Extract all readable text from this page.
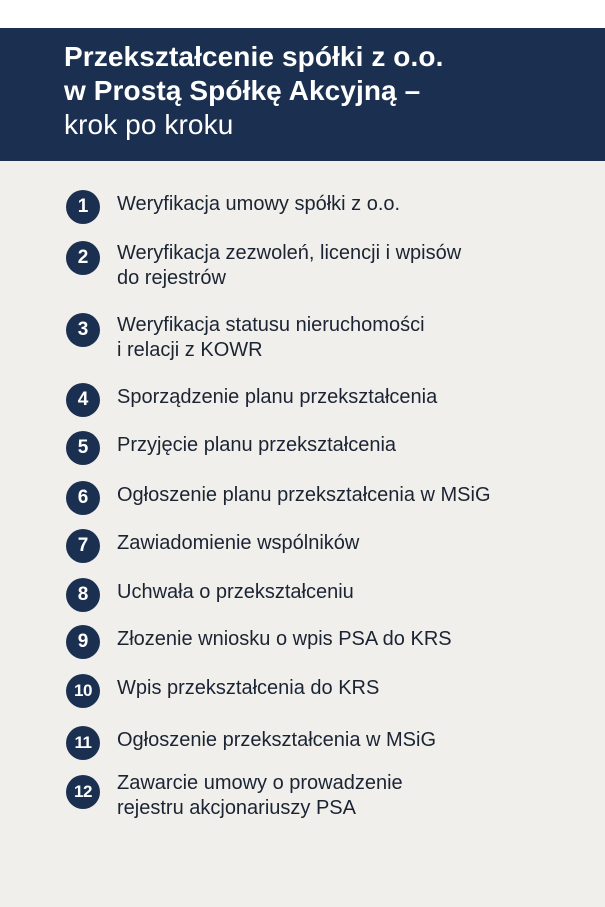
Przekształcenie spółki z o.o.
w Prostą Spółkę Akcyjną –
krok po kroku
1	Weryfikacja umowy spółki z o.o.
2	Weryfikacja zezwoleń, licencji i wpisów
do rejestrów
3	Weryfikacja statusu nieruchomości
i relacji z KOWR
4	Sporządzenie planu przekształcenia
5	Przyjęcie planu przekształcenia
6	Ogłoszenie planu przekształcenia w MSiG
7	Zawiadomienie wspólników
8	Uchwała o przekształceniu
9	Złozenie wniosku o wpis PSA do KRS
10	Wpis przekształcenia do KRS
11	Ogłoszenie przekształcenia w MSiG
12	Zawarcie umowy o prowadzenie
rejestru akcjonariuszy PSA
